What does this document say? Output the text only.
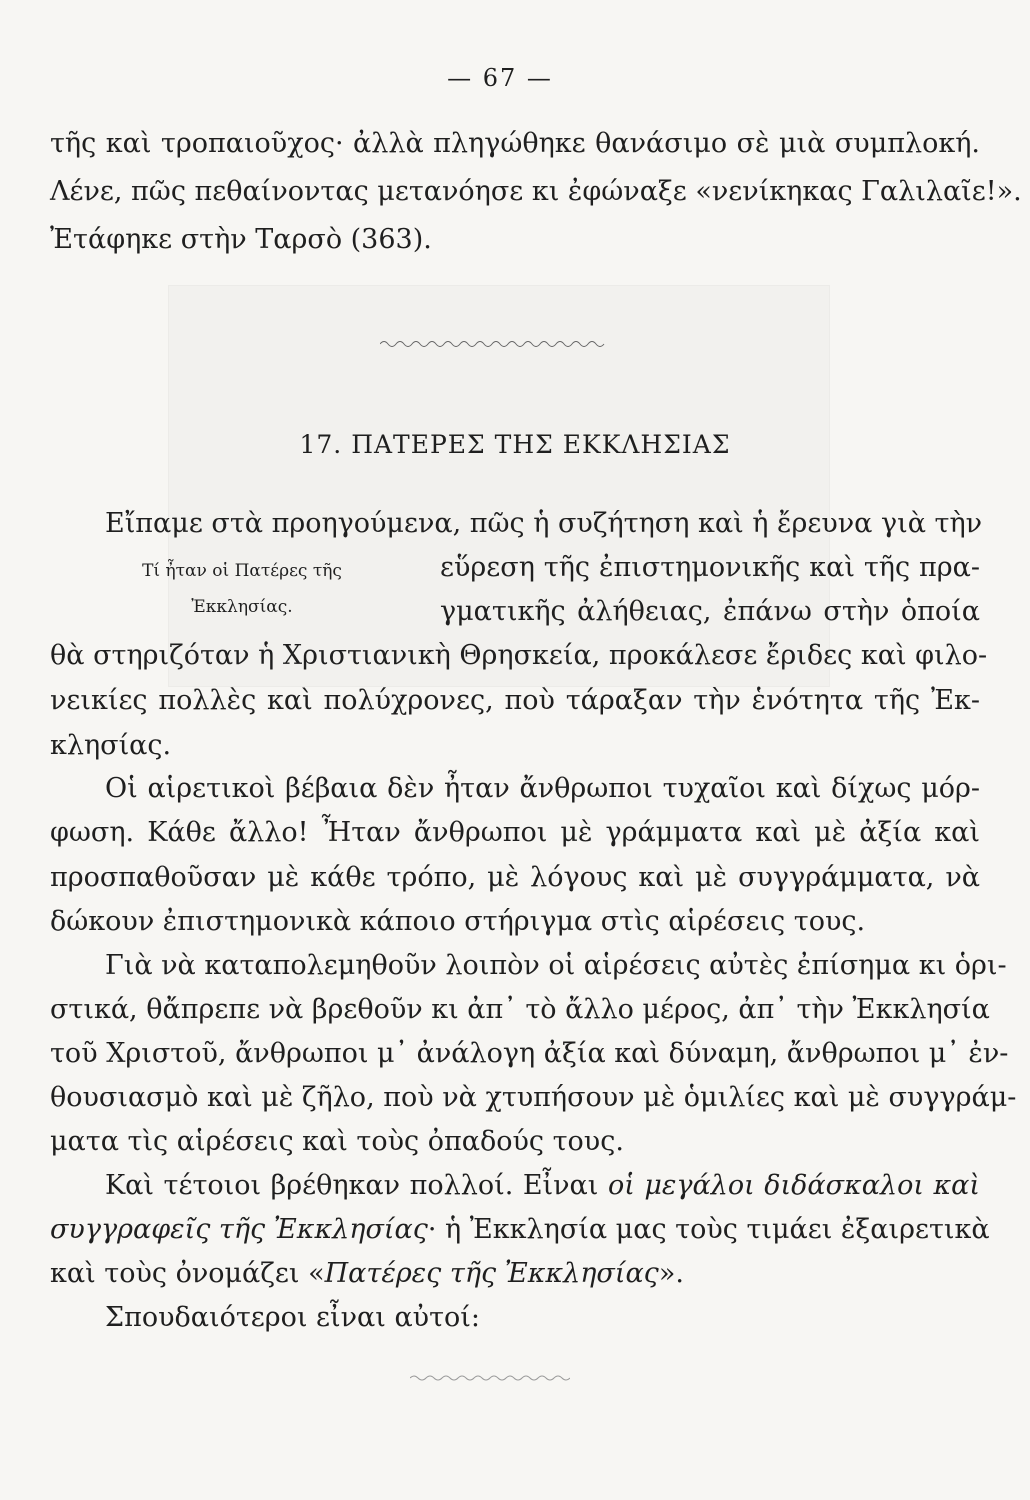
— 67 —
τῆς καὶ τροπαιοῦχος· ἀλλὰ πληγώθηκε θανάσιμο σὲ μιὰ συμπλοκή.
Λένε, πῶς πεθαίνοντας μετανόησε κι ἐφώναξε «νενίκηκας Γαλιλαῖε!».
Ἐτάφηκε στὴν Ταρσὸ (363).
17. ΠΑΤΕΡΕΣ ΤΗΣ ΕΚΚΛΗΣΙΑΣ
Εἴπαμε στὰ προηγούμενα, πῶς ἡ συζήτηση καὶ ἡ ἔρευνα γιὰ τὴν
Τί ἦταν οἱ Πατέρες τῆς
Ἐκκλησίας.
εὕρεση τῆς ἐπιστημονικῆς καὶ τῆς πρα-
γματικῆς ἀλήθειας, ἐπάνω στὴν ὁποία
θὰ στηριζόταν ἡ Χριστιανικὴ Θρησκεία, προκάλεσε ἔριδες καὶ φιλο-
νεικίες πολλὲς καὶ πολύχρονες, ποὺ τάραξαν τὴν ἑνότητα τῆς Ἐκ-
κλησίας.
Οἱ αἱρετικοὶ βέβαια δὲν ἦταν ἄνθρωποι τυχαῖοι καὶ δίχως μόρ-
φωση. Κάθε ἄλλο! Ἦταν ἄνθρωποι μὲ γράμματα καὶ μὲ ἀξία καὶ
προσπαθοῦσαν μὲ κάθε τρόπο, μὲ λόγους καὶ μὲ συγγράμματα, νὰ
δώκουν ἐπιστημονικὰ κάποιο στήριγμα στὶς αἱρέσεις τους.
Γιὰ νὰ καταπολεμηθοῦν λοιπὸν οἱ αἱρέσεις αὐτὲς ἐπίσημα κι ὁρι-
στικά, θἄπρεπε νὰ βρεθοῦν κι ἀπ᾽ τὸ ἄλλο μέρος, ἀπ᾽ τὴν Ἐκκλησία
τοῦ Χριστοῦ, ἄνθρωποι μ᾽ ἀνάλογη ἀξία καὶ δύναμη, ἄνθρωποι μ᾽ ἐν-
θουσιασμὸ καὶ μὲ ζῆλο, ποὺ νὰ χτυπήσουν μὲ ὁμιλίες καὶ μὲ συγγράμ-
ματα τὶς αἱρέσεις καὶ τοὺς ὀπαδούς τους.
Καὶ τέτοιοι βρέθηκαν πολλοί. Εἶναι οἱ μεγάλοι διδάσκαλοι καὶ
συγγραφεῖς τῆς Ἐκκλησίας· ἡ Ἐκκλησία μας τοὺς τιμάει ἐξαιρετικὰ
καὶ τοὺς ὀνομάζει «Πατέρες τῆς Ἐκκλησίας».
Σπουδαιότεροι εἶναι αὐτοί:
